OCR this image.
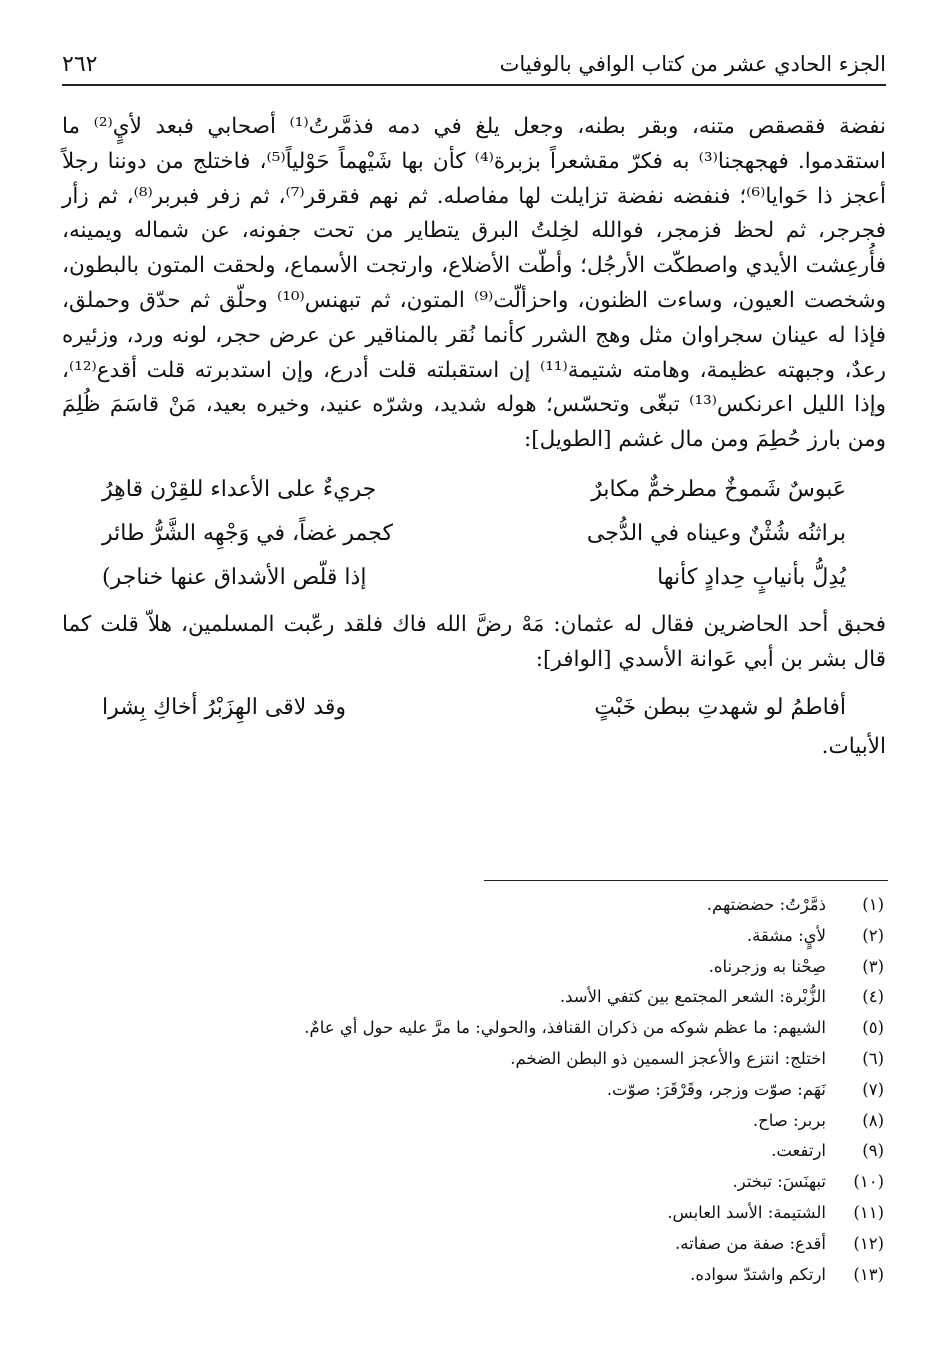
٢٦٢	الجزء الحادي عشر من كتاب الوافي بالوفيات

نفضة فقصقص متنه، وبقر بطنه، وجعل يلغ في دمه فذمَّرتُ⁽¹⁾ أصحابي فبعد لأيٍ⁽²⁾ ما استقدموا. فهجهجنا⁽³⁾ به فكرّ مقشعراً بزبرة⁽⁴⁾ كأن بها شَيْهماً حَوْلياً⁽⁵⁾، فاختلج من دوننا رجلاً أعجز ذا حَوايا⁽⁶⁾؛ فنفضه نفضة تزايلت لها مفاصله. ثم نهم فقرقر⁽⁷⁾، ثم زفر فبربر⁽⁸⁾، ثم زأر فجرجر، ثم لحظ فزمجر، فوالله لخِلتُ البرق يتطاير من تحت جفونه، عن شماله ويمينه، فأُرعِشت الأيدي واصطكّت الأرجُل؛ وأطّت الأضلاع، وارتجت الأسماع، ولحقت المتون بالبطون، وشخصت العيون، وساءت الظنون، واحزألّت⁽⁹⁾ المتون، ثم تبهنس⁽¹⁰⁾ وحلّق ثم حدّق وحملق، فإذا له عينان سجراوان مثل وهج الشرر كأنما نُقر بالمناقير عن عرض حجر، لونه ورد، وزئيره رعدٌ، وجبهته عظيمة، وهامته شتيمة⁽¹¹⁾ إن استقبلته قلت أدرع، وإن استدبرته قلت أقدع⁽¹²⁾، وإذا الليل اعرنكس⁽¹³⁾ تبغّى وتحسّس؛ هوله شديد، وشرّه عنيد، وخيره بعيد، مَنْ قاسَمَ ظُلِمَ ومن بارز حُطِمَ ومن مال غشم [الطويل]:

عَبوسٌ شَموخٌ مطرخمٌّ مكابرٌ
جريءٌ على الأعداء للقِرْن قاهِرُ
براثنُه شُثْنٌ وعيناه في الدُّجى
كجمر غضاً، في وَجْهِه الشَّرُّ طائر
يُدِلُّ بأنيابٍ حِدادٍ كأنها
إذا قلّص الأشداق عنها خناجر)

فحبق أحد الحاضرين فقال له عثمان: مَهْ رضَّ الله فاك فلقد رعّبت المسلمين، هلاّ قلت كما قال بشر بن أبي عَوانة الأسدي [الوافر]:

أفاطمُ لو شهدتِ ببطن خَبْتٍ
وقد لاقى الهِزَبْرُ أخاكِ بِشرا

الأبيات.

(١)
ذمَّرْتُ: حضضتهم.
(٢)
لأيٍ: مشقة.
(٣)
صِحْنا به وزجرناه.
(٤)
الزُّبْرة: الشعر المجتمع بين كتفي الأسد.
(٥)
الشيهم: ما عظم شوكه من ذكران القنافذ، والحولي: ما مرَّ عليه حول أي عامٌ.
(٦)
اختلج: انتزع والأعجز السمين ذو البطن الضخم.
(٧)
نَهَم: صوّت وزجر، وقَرْقَرَ: صوّت.
(٨)
بربر: صاح.
(٩)
ارتفعت.
(١٠)
تبهنَسَ: تبختر.
(١١)
الشتيمة: الأسد العابس.
(١٢)
أقدع: صفة من صفاته.
(١٣)
ارتكم واشتدّ سواده.
